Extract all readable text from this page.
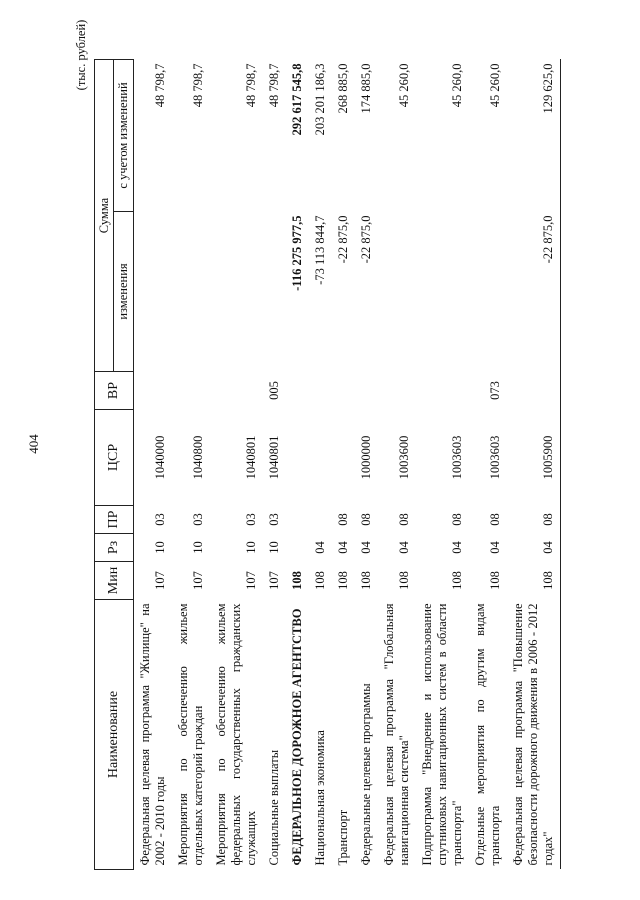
404
(тыс. рублей)
Наименование	Мин	Рз	ПР	ЦСР	ВР	Сумма	
						изменения	с учетом изменений
Федеральная целевая программа "Жилище" на 2002 - 2010 годы	107	10	03	1040000			48 798,7
Мероприятия по обеспечению жильем отдельных категорий граждан	107	10	03	1040800			48 798,7
Мероприятия по обеспечению жильем федеральных государственных гражданских служащих	107	10	03	1040801			48 798,7
Социальные выплаты	107	10	03	1040801	005		48 798,7
ФЕДЕРАЛЬНОЕ ДОРОЖНОЕ АГЕНТСТВО	108					-116 275 977,5	292 617 545,8
Национальная экономика	108	04				-73 113 844,7	203 201 186,3
Транспорт	108	04	08			-22 875,0	268 885,0
Федеральные целевые программы	108	04	08	1000000		-22 875,0	174 885,0
Федеральная целевая программа "Глобальная навигационная система"	108	04	08	1003600			45 260,0
Подпрограмма "Внедрение и использование спутниковых навигационных систем в области транспорта"	108	04	08	1003603			45 260,0
Отдельные мероприятия по другим видам транспорта	108	04	08	1003603	073		45 260,0
Федеральная целевая программа "Повышение безопасности дорожного движения в 2006 - 2012 годах"	108	04	08	1005900		-22 875,0	129 625,0
